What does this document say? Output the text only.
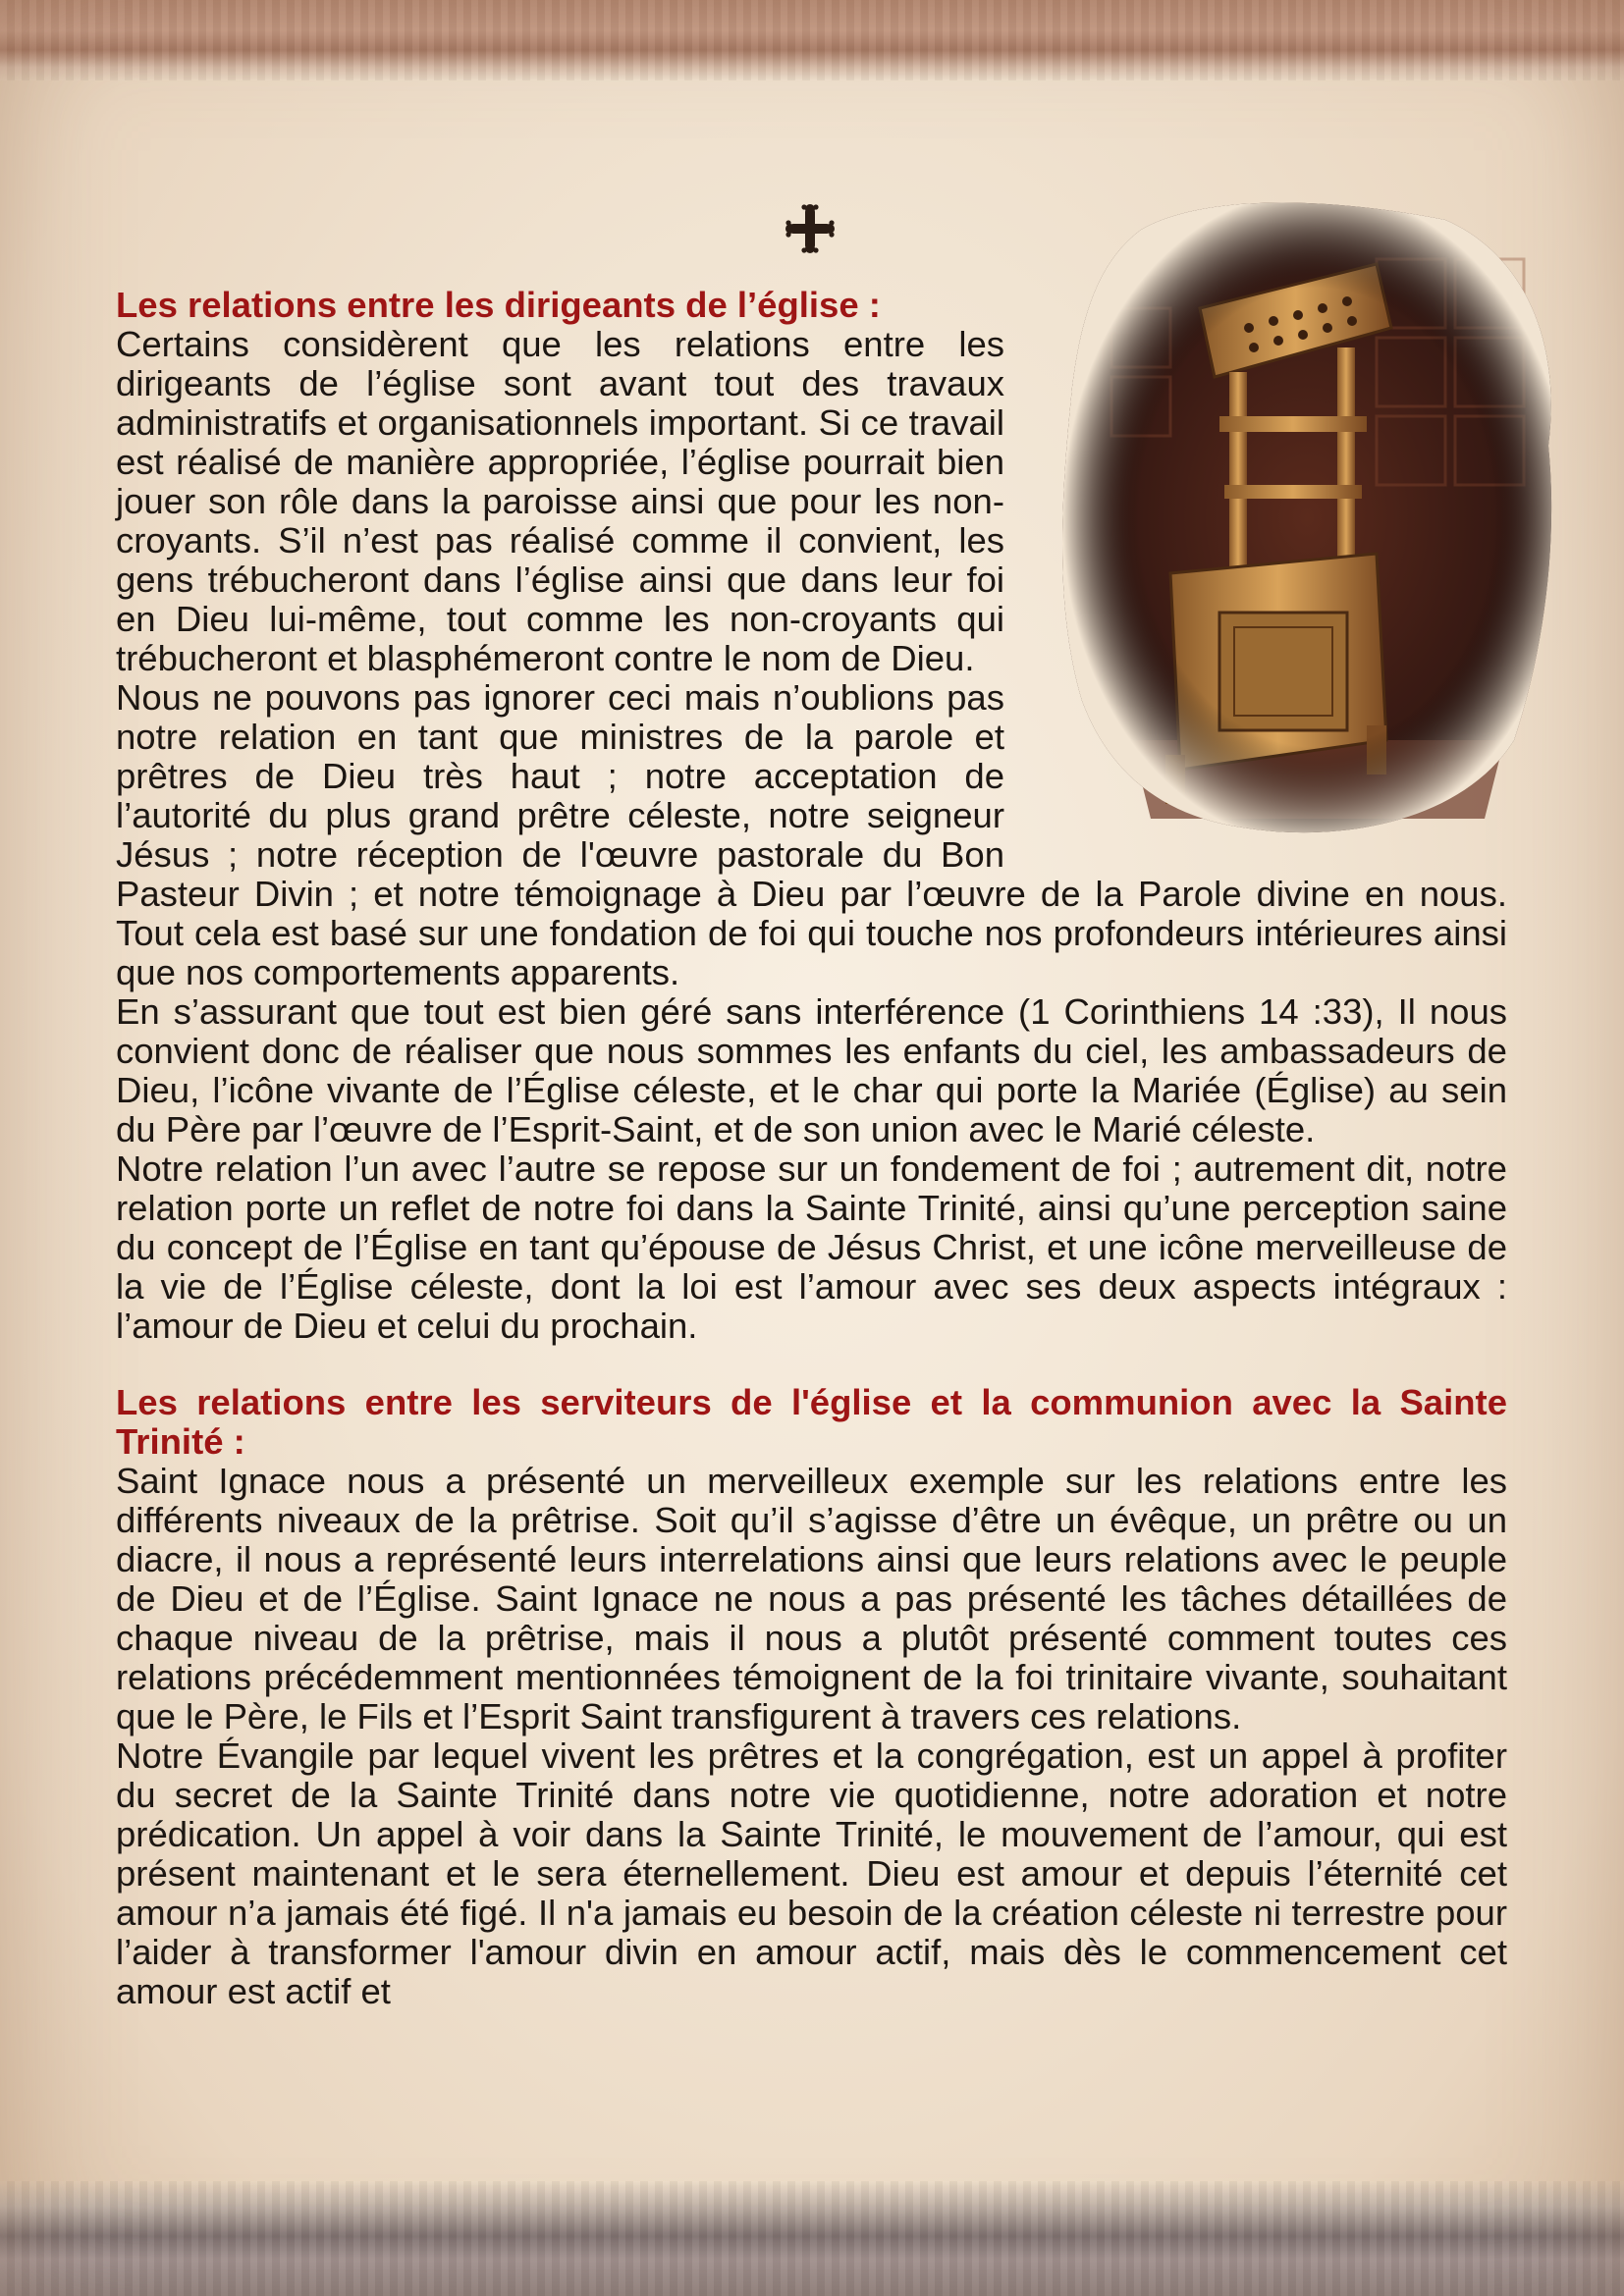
Les relations entre les dirigeants de l’église :

Certains considèrent que les relations entre les dirigeants de l’église sont avant tout des travaux administratifs et organisationnels important. Si ce travail est réalisé de manière appropriée, l’église pourrait bien jouer son rôle dans la paroisse ainsi que pour les non-croyants. S’il n’est pas réalisé comme il convient, les gens trébucheront dans l’église ainsi que dans leur foi en Dieu lui-même, tout comme les non-croyants qui trébucheront et blasphémeront contre le nom de Dieu.

Nous ne pouvons pas ignorer ceci mais n’oublions pas notre relation en tant que ministres de la parole et prêtres de Dieu très haut ; notre acceptation de l’autorité du plus grand prêtre céleste, notre seigneur Jésus ; notre réception de l'œuvre pastorale du Bon Pasteur Divin ; et notre témoignage à Dieu par l’œuvre de la Parole divine en nous. Tout cela est basé sur une fondation de foi qui touche nos profondeurs intérieures ainsi que nos comportements apparents.

En s’assurant que tout est bien géré sans interférence (1 Corinthiens 14 :33), Il nous convient donc de réaliser que nous sommes les enfants du ciel, les ambassadeurs de Dieu, l’icône vivante de l’Église céleste, et le char qui porte la Mariée (Église) au sein du Père par l’œuvre de l’Esprit-Saint, et de son union avec le Marié céleste.

Notre relation l’un avec l’autre se repose sur un fondement de foi ; autrement dit, notre relation porte un reflet de notre foi dans la Sainte Trinité, ainsi qu’une perception saine du concept de l’Église en tant qu’épouse de Jésus Christ, et une icône merveilleuse de la vie de l’Église céleste, dont la loi est l’amour avec ses deux aspects intégraux : l’amour de Dieu et celui du prochain.

Les relations entre les serviteurs de l'église et la communion avec la Sainte Trinité :

Saint Ignace nous a présenté un merveilleux exemple sur les relations entre les différents niveaux de la prêtrise. Soit qu’il s’agisse d’être un évêque, un prêtre ou un diacre, il nous a représenté leurs interrelations ainsi que leurs relations avec le peuple de Dieu et de l’Église. Saint Ignace ne nous a pas présenté les tâches détaillées de chaque niveau de la prêtrise, mais il nous a plutôt présenté comment toutes ces relations précédemment mentionnées témoignent de la foi trinitaire vivante, souhaitant que le Père, le Fils et l’Esprit Saint transfigurent à travers ces relations.

Notre Évangile par lequel vivent les prêtres et la congrégation, est un appel à profiter du secret de la Sainte Trinité dans notre vie quotidienne, notre adoration et notre prédication. Un appel à voir dans la Sainte Trinité, le mouvement de l’amour, qui est présent maintenant et le sera éternellement. Dieu est amour et depuis l’éternité cet amour n’a jamais été figé. Il n'a jamais eu besoin de la création céleste ni terrestre pour l’aider à transformer l'amour divin en amour actif, mais dès le commencement cet amour est actif et
